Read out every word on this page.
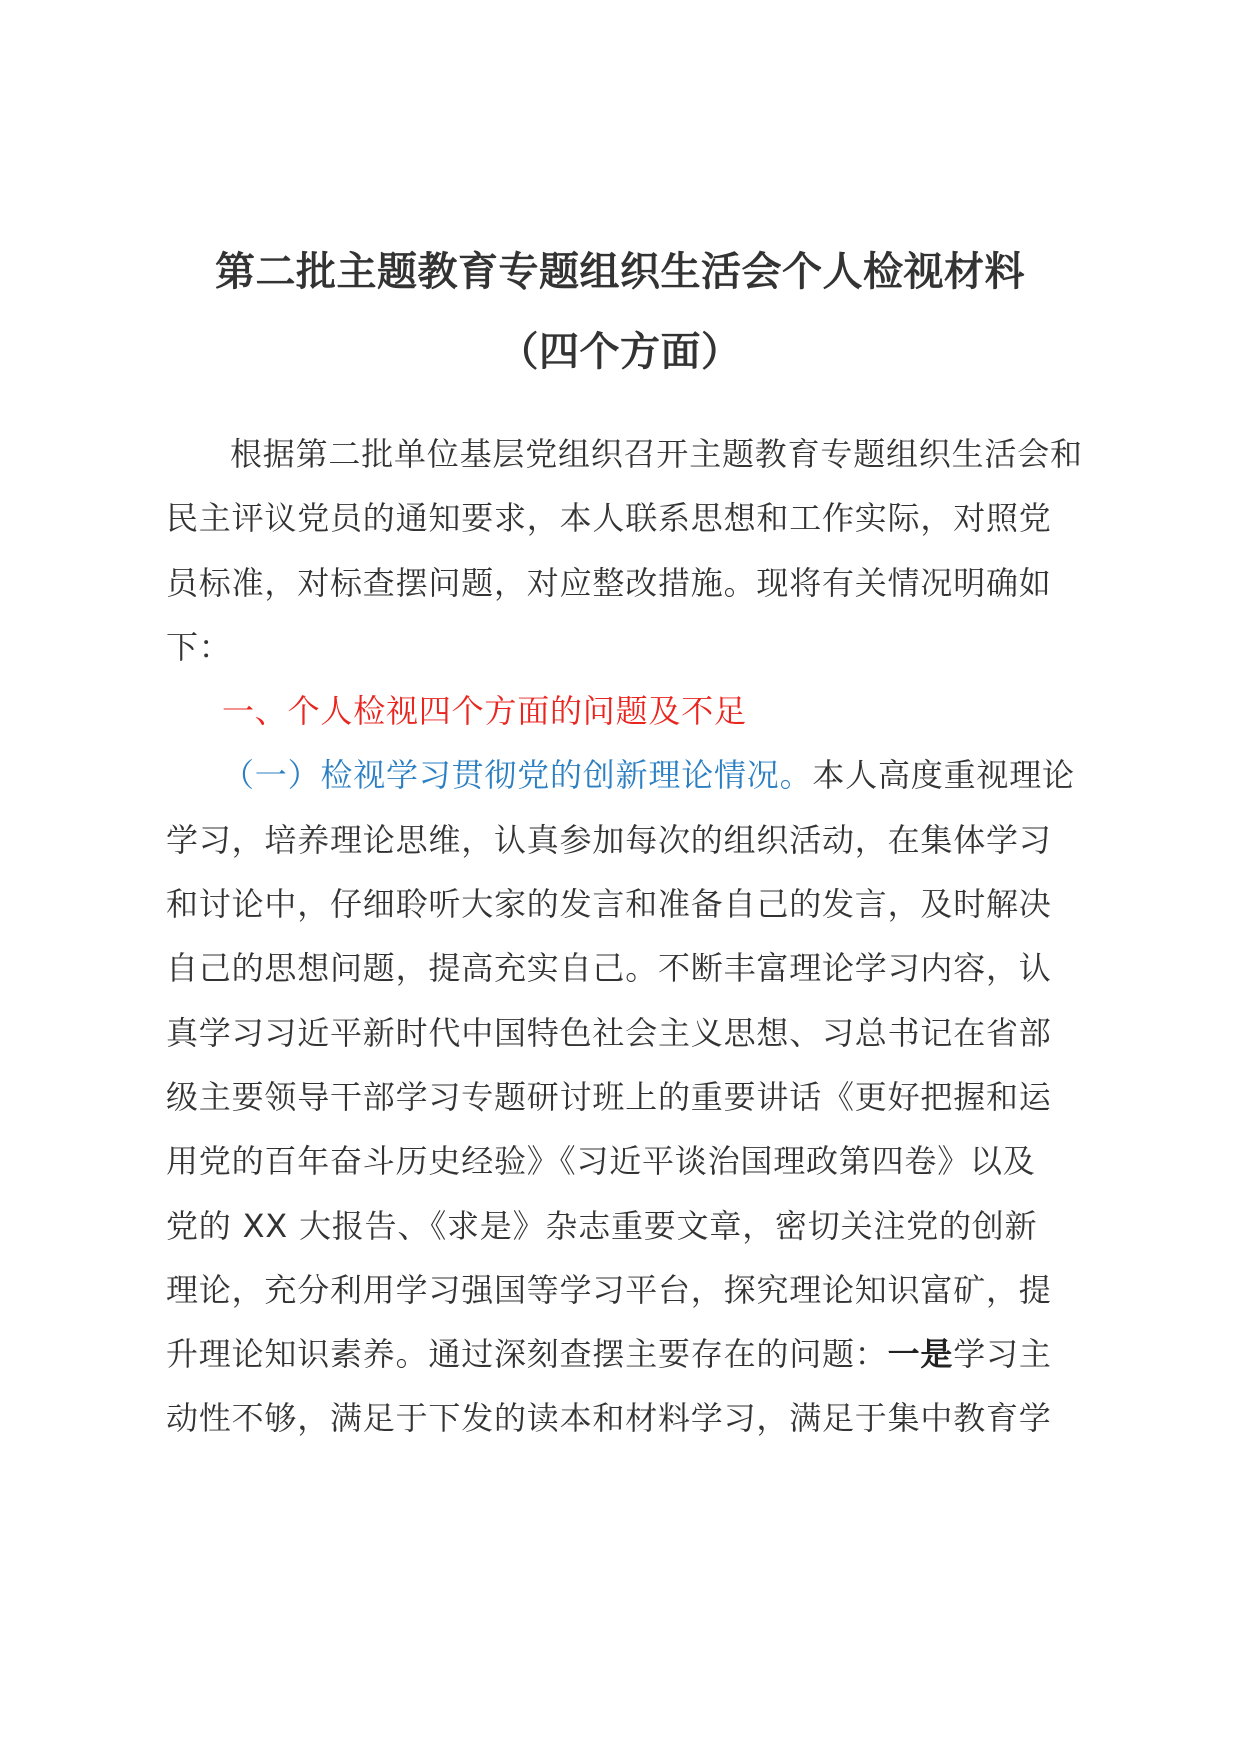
第二批主题教育专题组织生活会个人检视材料
（四个方面）
根据第二批单位基层党组织召开主题教育专题组织生活会和
民主评议党员的通知要求，本人联系思想和工作实际，对照党
员标准，对标查摆问题，对应整改措施。现将有关情况明确如
下：
一、个人检视四个方面的问题及不足
（一）检视学习贯彻党的创新理论情况。本人高度重视理论
学习，培养理论思维，认真参加每次的组织活动，在集体学习
和讨论中，仔细聆听大家的发言和准备自己的发言，及时解决
自己的思想问题，提高充实自己。不断丰富理论学习内容，认
真学习习近平新时代中国特色社会主义思想、习总书记在省部
级主要领导干部学习专题研讨班上的重要讲话《更好把握和运
用党的百年奋斗历史经验》《习近平谈治国理政第四卷》以及
党的 XX 大报告、《求是》杂志重要文章，密切关注党的创新
理论，充分利用学习强国等学习平台，探究理论知识富矿，提
升理论知识素养。通过深刻查摆主要存在的问题：一是学习主
动性不够，满足于下发的读本和材料学习，满足于集中教育学
